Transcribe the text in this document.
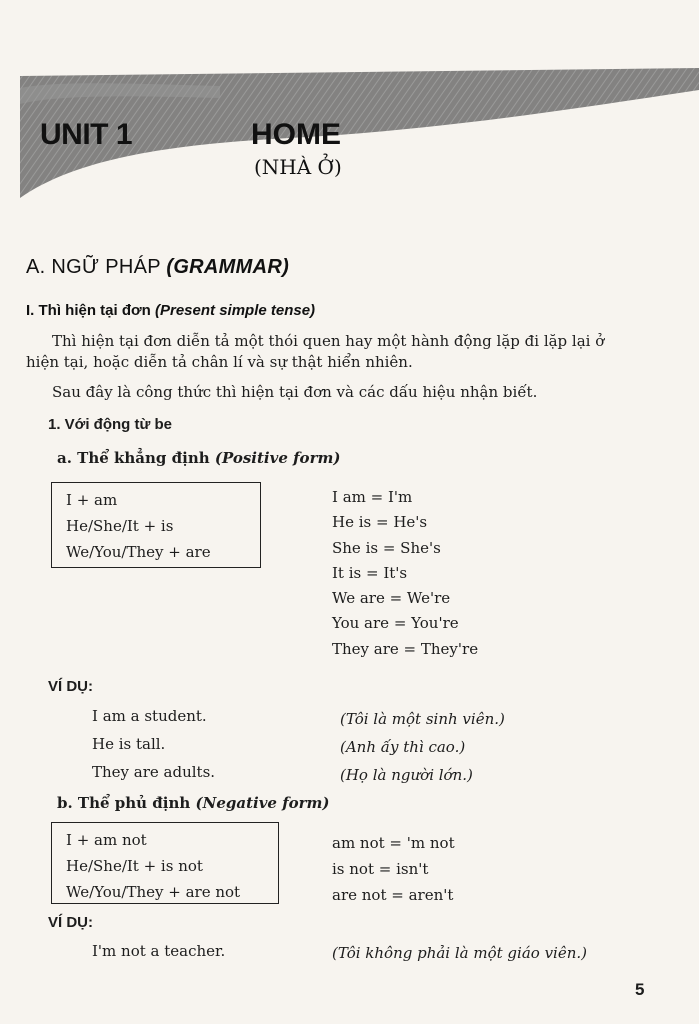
UNIT 1	HOME
(NHÀ Ở)
A. NGỮ PHÁP (GRAMMAR)
I. Thì hiện tại đơn (Present simple tense)
Thì hiện tại đơn diễn tả một thói quen hay một hành động lặp đi lặp lại ở
hiện tại, hoặc diễn tả chân lí và sự thật hiển nhiên.
Sau đây là công thức thì hiện tại đơn và các dấu hiệu nhận biết.
1. Với động từ be
a. Thể khẳng định (Positive form)
I + am
He/She/It + is
We/You/They + are
I am = I'm
He is = He's
She is = She's
It is = It's
We are = We're
You are = You're
They are = They're
VÍ DỤ:
I am a student.	(Tôi là một sinh viên.)
He is tall.	(Anh ấy thì cao.)
They are adults.	(Họ là người lớn.)
b. Thể phủ định (Negative form)
I + am not
He/She/It + is not
We/You/They + are not
am not = 'm not
is not = isn't
are not = aren't
VÍ DỤ:
I'm not a teacher.	(Tôi không phải là một giáo viên.)
5
